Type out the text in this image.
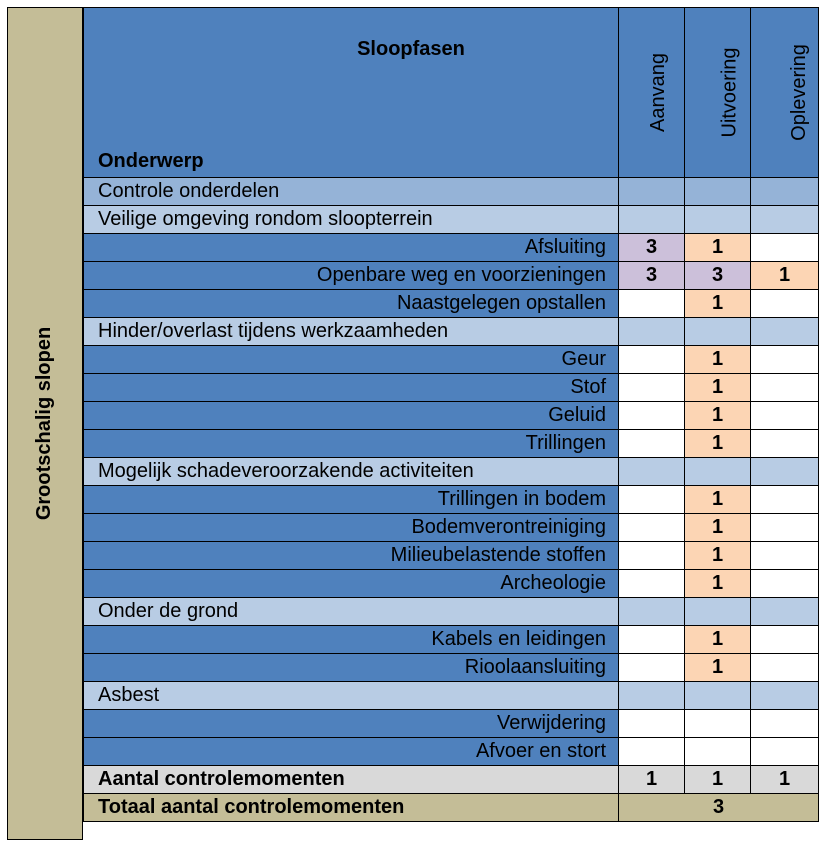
Grootschalig slopen
Sloopfasen
Onderwerp	Aanvang	Uitvoering	Oplevering
Controle onderdelen			
Veilige omgeving rondom sloopterrein			
Afsluiting	3	1	
Openbare weg en voorzieningen	3	3	1
Naastgelegen opstallen		1	
Hinder/overlast tijdens werkzaamheden			
Geur		1	
Stof		1	
Geluid		1	
Trillingen		1	
Mogelijk schadeveroorzakende activiteiten			
Trillingen in bodem		1	
Bodemverontreiniging		1	
Milieubelastende stoffen		1	
Archeologie		1	
Onder de grond			
Kabels en leidingen		1	
Rioolaansluiting		1	
Asbest			
Verwijdering			
Afvoer en stort			
Aantal controlemomenten	1	1	1
Totaal aantal controlemomenten	3		
